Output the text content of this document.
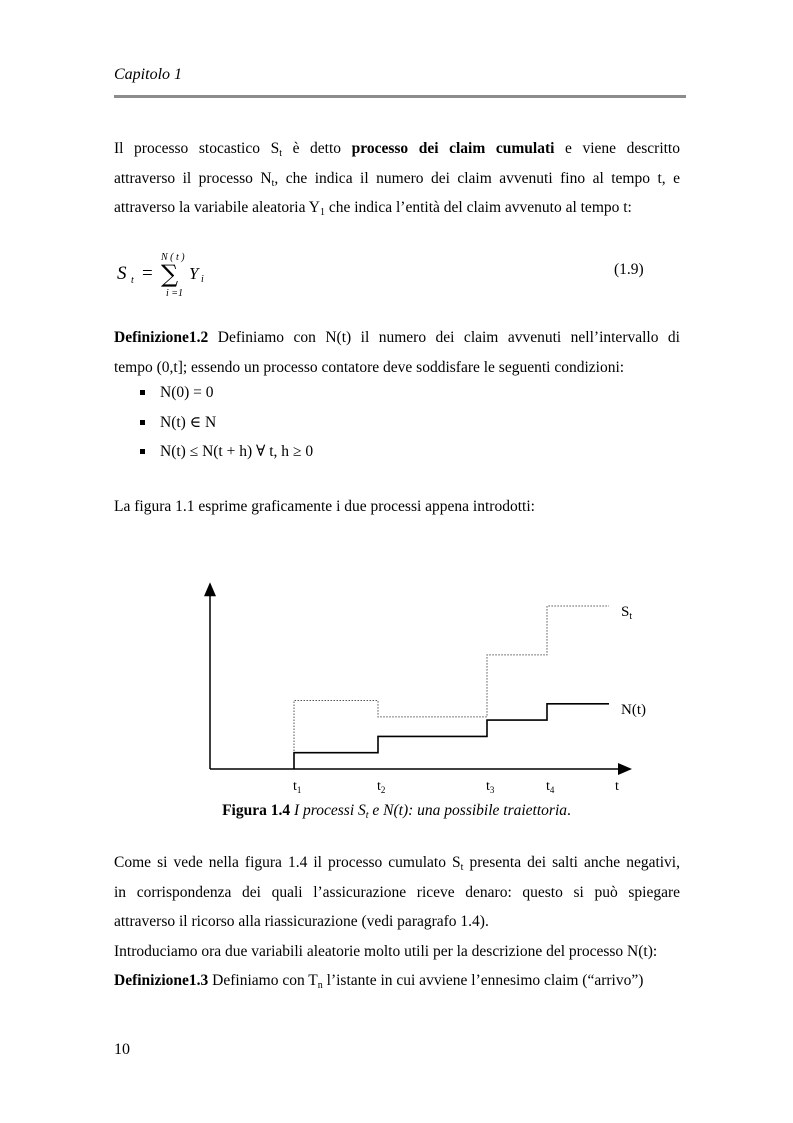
Capitolo 1
Il processo stocastico $S_t$ è detto processo dei claim cumulati e viene descritto
attraverso il processo $N_t$, che indica il numero dei claim avvenuti fino al tempo t, e
attraverso la variabile aleatoria $Y_1$ che indica l’entità del claim avvenuto al tempo t:
S t =
N ( t )
∑
i =1
Y i
(1.9)
Definizione1.2 Definiamo con N(t) il numero dei claim avvenuti nell’intervallo di
tempo (0,t]; essendo un processo contatore deve soddisfare le seguenti condizioni:
N(0) = 0
N(t) ∈ N
N(t) ≤ N(t + h) ∀ t, h ≥ 0
La figura 1.1 esprime graficamente i due processi appena introdotti:
$S_t$
N(t)
$t_1$	$t_2$	$t_3$	$t_4$	t
Figura 1.4 I processi $S_t$ e N(t): una possibile traiettoria.
Come si vede nella figura 1.4 il processo cumulato $S_t$ presenta dei salti anche negativi,
in corrispondenza dei quali l’assicurazione riceve denaro: questo si può spiegare
attraverso il ricorso alla riassicurazione (vedi paragrafo 1.4).
Introduciamo ora due variabili aleatorie molto utili per la descrizione del processo N(t):
Definizione1.3 Definiamo con $T_n$ l’istante in cui avviene l’ennesimo claim (“arrivo”)
10
